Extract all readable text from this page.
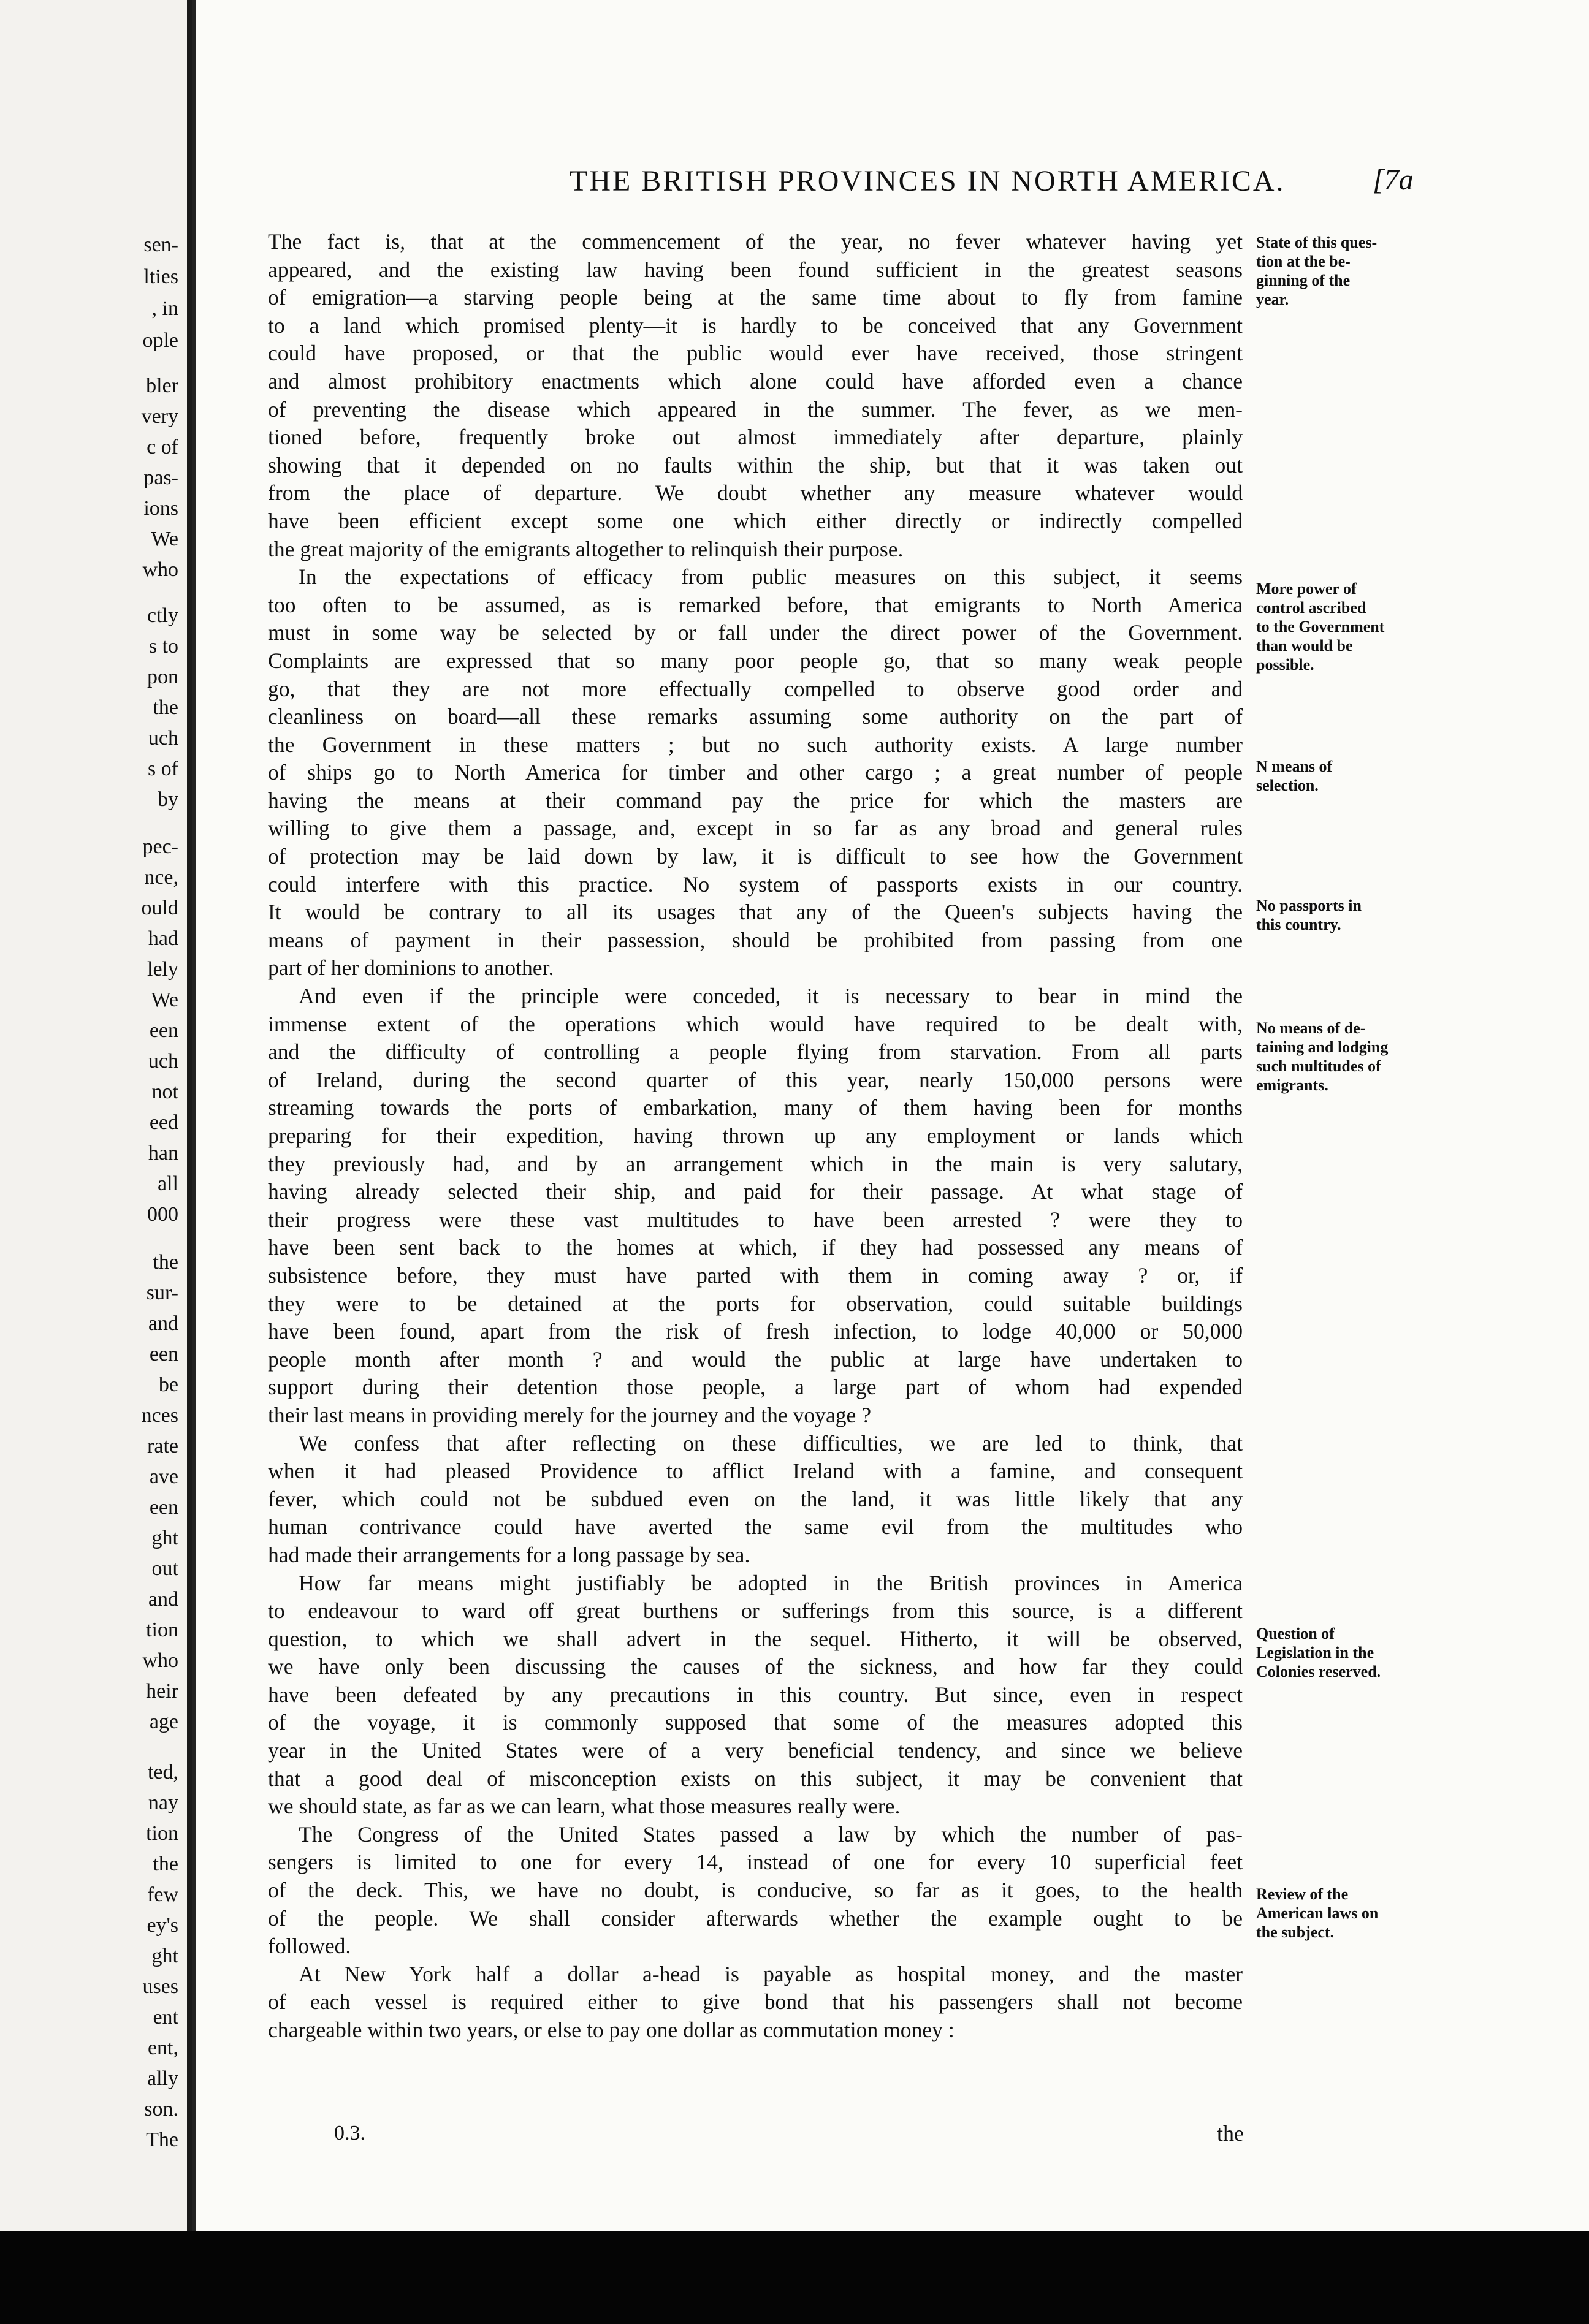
sen-
lties
, in
ople
bler
very
c of
pas-
ions
We
who
ctly
s to
pon
the
uch
s of
by
pec-
nce,
ould
had
lely
We
een
uch
not
eed
han
all
000
the
sur-
and
een
be
nces
rate
ave
een
ght
out
and
tion
who
heir
age
ted,
nay
tion
the
few
ey's
ght
uses
ent
ent,
ally
son.
The
THE BRITISH PROVINCES IN NORTH AMERICA.	[7a

The fact is, that at the commencement of the year, no fever whatever having yet
appeared, and the existing law having been found sufficient in the greatest seasons
of emigration—a starving people being at the same time about to fly from famine
to a land which promised plenty—it is hardly to be conceived that any Government
could have proposed, or that the public would ever have received, those stringent
and almost prohibitory enactments which alone could have afforded even a chance
of preventing the disease which appeared in the summer. The fever, as we men-
tioned before, frequently broke out almost immediately after departure, plainly
showing that it depended on no faults within the ship, but that it was taken out
from the place of departure. We doubt whether any measure whatever would
have been efficient except some one which either directly or indirectly compelled
the great majority of the emigrants altogether to relinquish their purpose.

In the expectations of efficacy from public measures on this subject, it seems
too often to be assumed, as is remarked before, that emigrants to North America
must in some way be selected by or fall under the direct power of the Government.
Complaints are expressed that so many poor people go, that so many weak people
go, that they are not more effectually compelled to observe good order and
cleanliness on board—all these remarks assuming some authority on the part of
the Government in these matters ; but no such authority exists. A large number
of ships go to North America for timber and other cargo ; a great number of people
having the means at their command pay the price for which the masters are
willing to give them a passage, and, except in so far as any broad and general rules
of protection may be laid down by law, it is difficult to see how the Government
could interfere with this practice. No system of passports exists in our country.
It would be contrary to all its usages that any of the Queen's subjects having the
means of payment in their passession, should be prohibited from passing from one
part of her dominions to another.

And even if the principle were conceded, it is necessary to bear in mind the
immense extent of the operations which would have required to be dealt with,
and the difficulty of controlling a people flying from starvation. From all parts
of Ireland, during the second quarter of this year, nearly 150,000 persons were
streaming towards the ports of embarkation, many of them having been for months
preparing for their expedition, having thrown up any employment or lands which
they previously had, and by an arrangement which in the main is very salutary,
having already selected their ship, and paid for their passage. At what stage of
their progress were these vast multitudes to have been arrested ? were they to
have been sent back to the homes at which, if they had possessed any means of
subsistence before, they must have parted with them in coming away ? or, if
they were to be detained at the ports for observation, could suitable buildings
have been found, apart from the risk of fresh infection, to lodge 40,000 or 50,000
people month after month ? and would the public at large have undertaken to
support during their detention those people, a large part of whom had expended
their last means in providing merely for the journey and the voyage ?

We confess that after reflecting on these difficulties, we are led to think, that
when it had pleased Providence to afflict Ireland with a famine, and consequent
fever, which could not be subdued even on the land, it was little likely that any
human contrivance could have averted the same evil from the multitudes who
had made their arrangements for a long passage by sea.

How far means might justifiably be adopted in the British provinces in America
to endeavour to ward off great burthens or sufferings from this source, is a different
question, to which we shall advert in the sequel. Hitherto, it will be observed,
we have only been discussing the causes of the sickness, and how far they could
have been defeated by any precautions in this country. But since, even in respect
of the voyage, it is commonly supposed that some of the measures adopted this
year in the United States were of a very beneficial tendency, and since we believe
that a good deal of misconception exists on this subject, it may be convenient that
we should state, as far as we can learn, what those measures really were.

The Congress of the United States passed a law by which the number of pas-
sengers is limited to one for every 14, instead of one for every 10 superficial feet
of the deck. This, we have no doubt, is conducive, so far as it goes, to the health
of the people. We shall consider afterwards whether the example ought to be
followed.

At New York half a dollar a-head is payable as hospital money, and the master
of each vessel is required either to give bond that his passengers shall not become
chargeable within two years, or else to pay one dollar as commutation money :

State of this ques-
tion at the be-
ginning of the
year.
More power of
control ascribed
to the Government
than would be
possible.
N means of
selection.
No passports in
this country.
No means of de-
taining and lodging
such multitudes of
emigrants.
Question of
Legislation in the
Colonies reserved.
Review of the
American laws on
the subject.
0.3.	the
